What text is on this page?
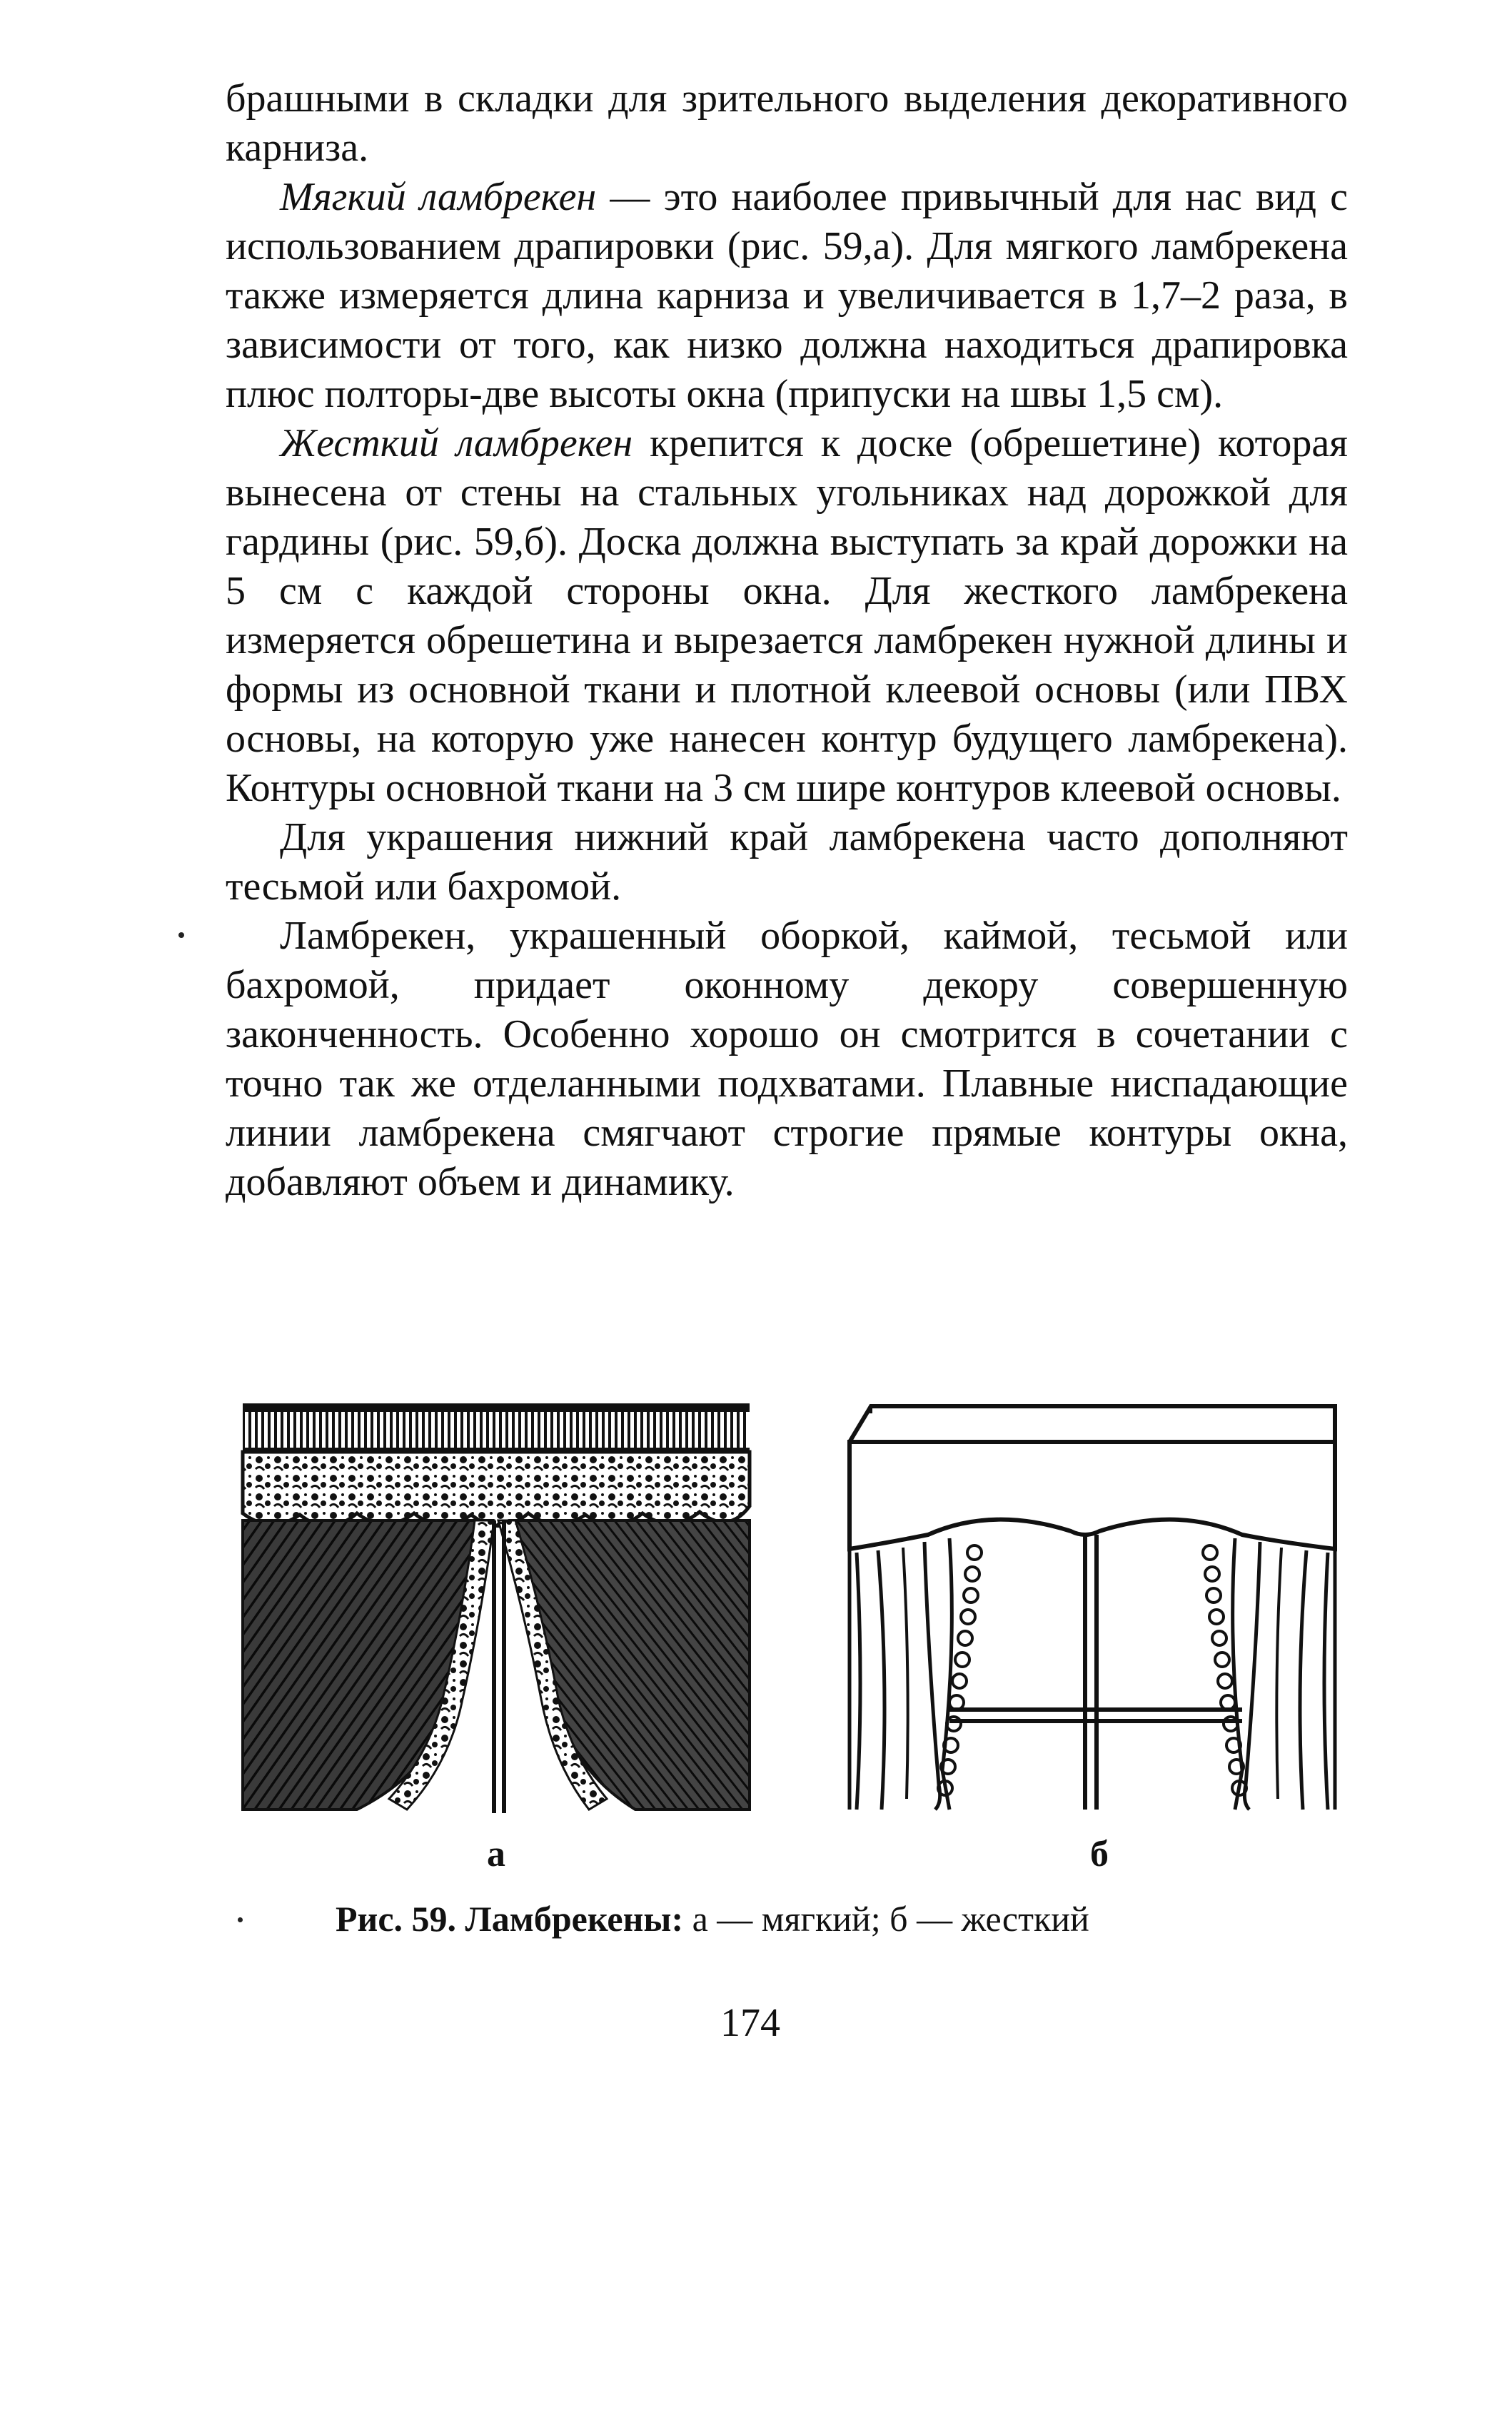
брашными в складки для зрительного выделения декоративного карниза.

Мягкий ламбрекен — это наиболее привычный для нас вид с использованием драпировки (рис. 59,а). Для мягкого ламбрекена также измеряется длина карниза и увеличивается в 1,7–2 раза, в зависимости от того, как низко должна находиться драпировка плюс полторы-две высоты окна (припуски на швы 1,5 см).

Жесткий ламбрекен крепится к доске (обрешетине) которая вынесена от стены на стальных угольниках над дорожкой для гардины (рис. 59,б). Доска должна выступать за край дорожки на 5 см с каждой стороны окна. Для жесткого ламбрекена измеряется обрешетина и вырезается ламбрекен нужной длины и формы из основной ткани и плотной клеевой основы (или ПВХ основы, на которую уже нанесен контур будущего ламбрекена). Контуры основной ткани на 3 см шире контуров клеевой основы.

Для украшения нижний край ламбрекена часто дополняют тесьмой или бахромой.

Ламбрекен, украшенный оборкой, каймой, тесьмой или бахромой, придает оконному декору совершенную законченность. Особенно хорошо он смотрится в сочетании с точно так же отделанными подхватами. Плавные ниспадающие линии ламбрекена смягчают строгие прямые контуры окна, добавляют объем и динамику.

а	б
Рис. 59. Ламбрекены: а — мягкий; б — жесткий
174
